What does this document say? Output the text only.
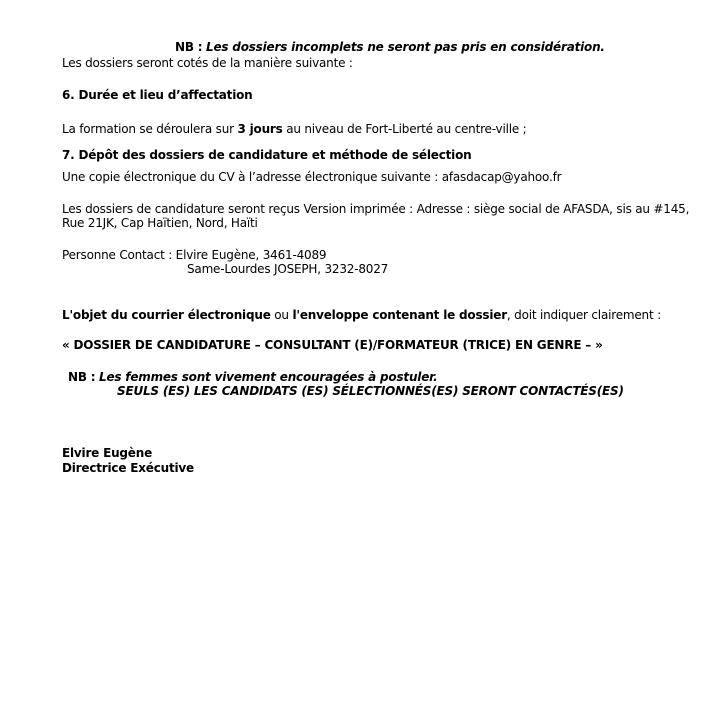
NB : Les dossiers incomplets ne seront pas pris en considération.
Les dossiers seront cotés de la manière suivante :
6. Durée et lieu d’affectation
La formation se déroulera sur 3 jours au niveau de Fort-Liberté au centre-ville ;
7. Dépôt des dossiers de candidature et méthode de sélection
Une copie électronique du CV à l’adresse électronique suivante : afasdacap@yahoo.fr
Les dossiers de candidature seront reçus Version imprimée : Adresse : siège social de AFASDA, sis au #145,
Rue 21JK, Cap Haïtien, Nord, Haïti
Personne Contact : Elvire Eugène, 3461-4089
Same-Lourdes JOSEPH, 3232-8027
L'objet du courrier électronique ou l'enveloppe contenant le dossier, doit indiquer clairement :
« DOSSIER DE CANDIDATURE – CONSULTANT (E)/FORMATEUR (TRICE) EN GENRE – »
NB : Les femmes sont vivement encouragées à postuler.
SEULS (ES) LES CANDIDATS (ES) SÉLECTIONNÉS(ES) SERONT CONTACTÉS(ES)
Elvire Eugène
Directrice Exécutive
